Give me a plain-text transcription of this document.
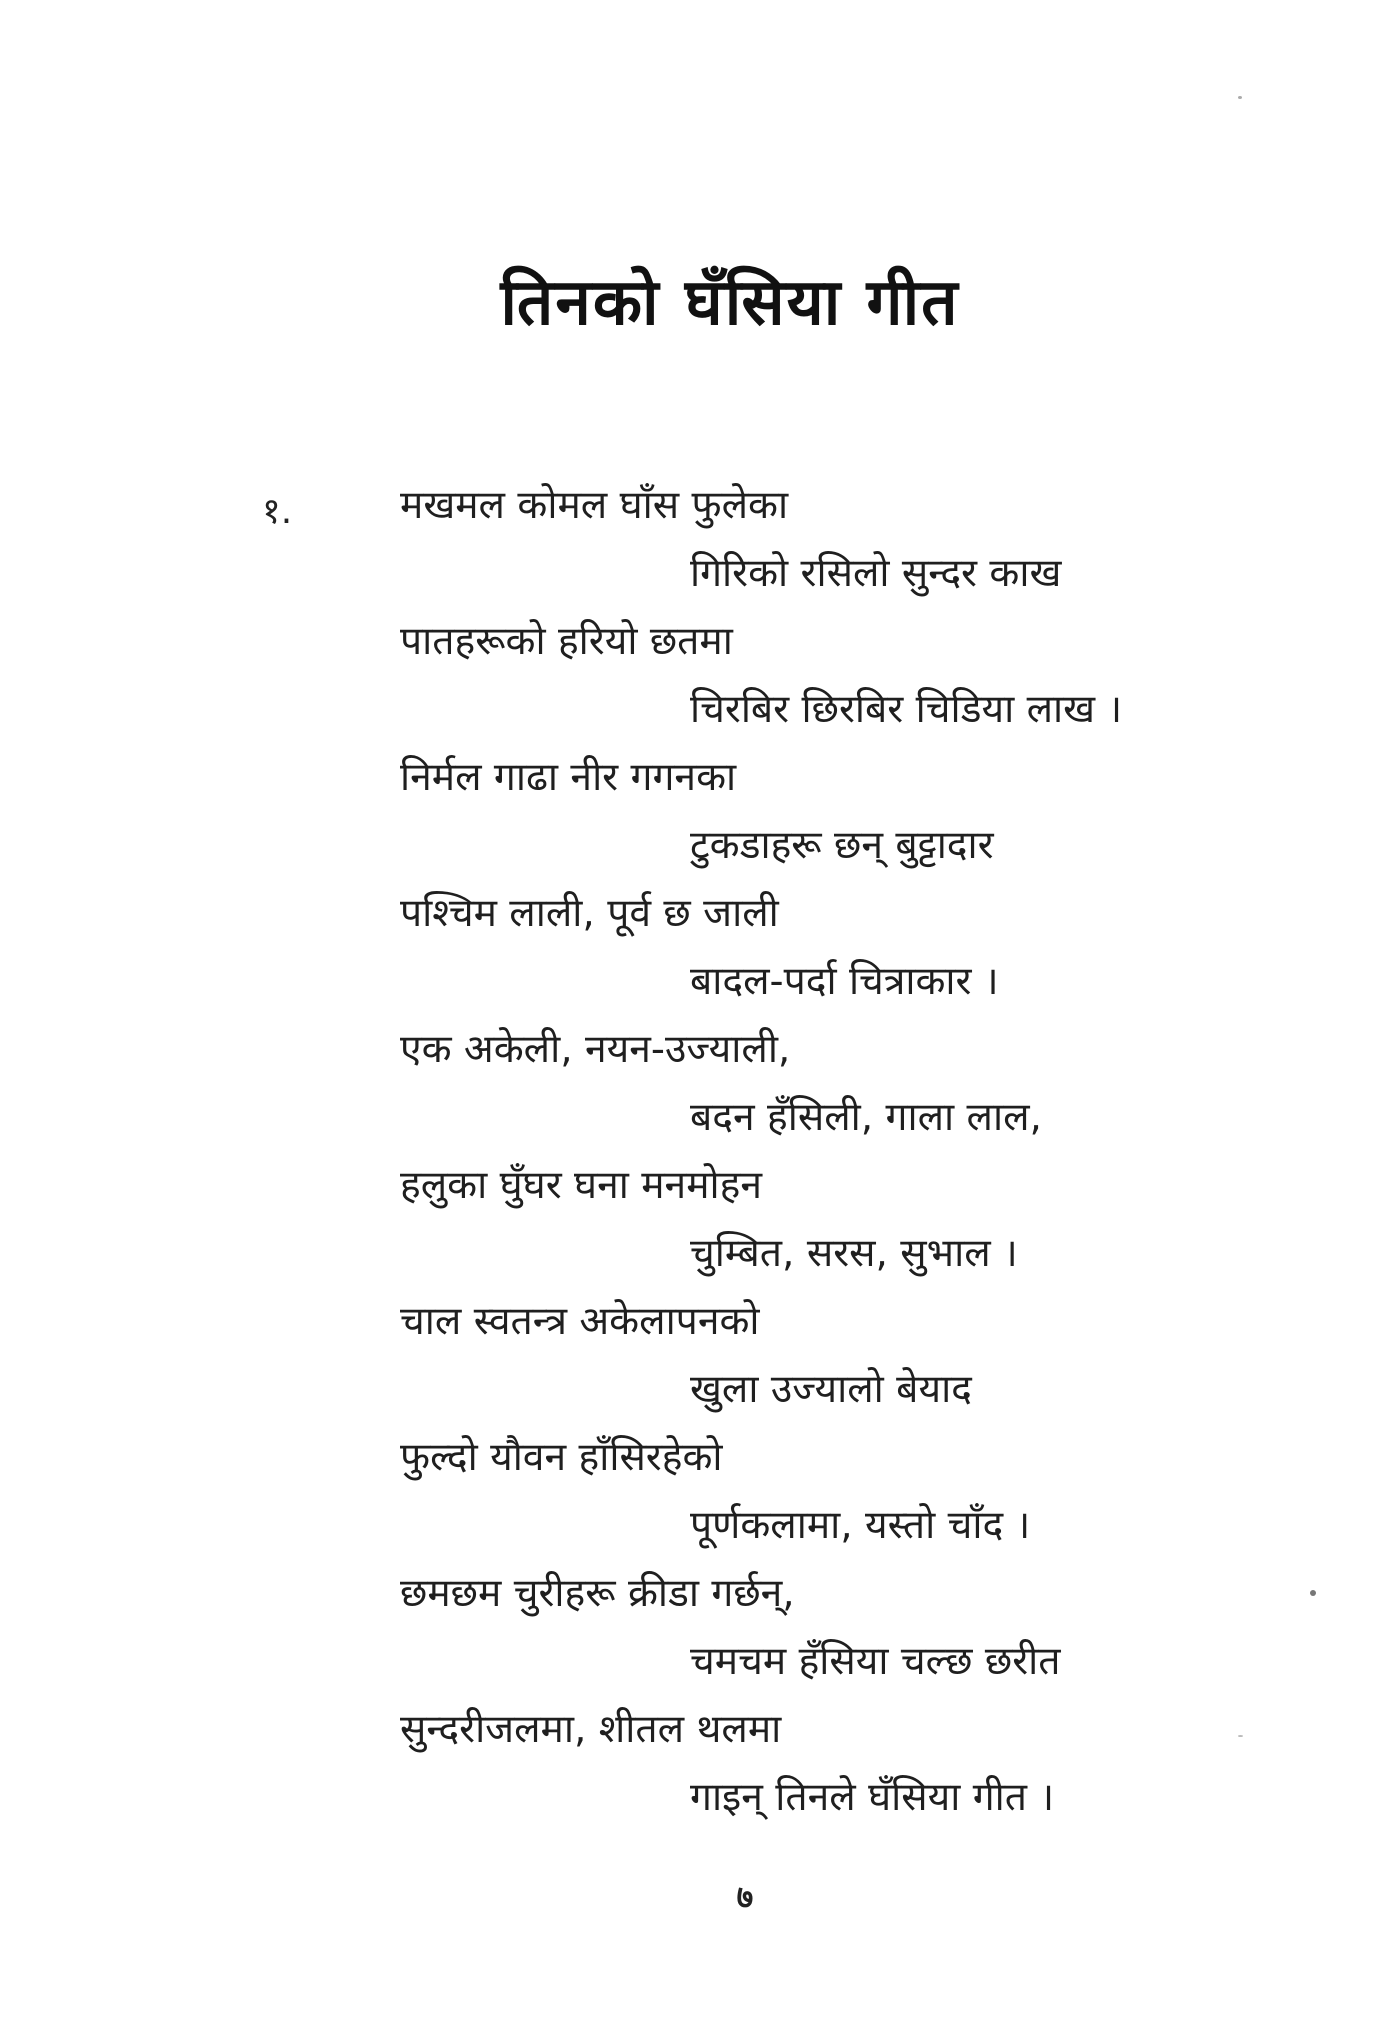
तिनको घँसिया गीत
१.	मखमल कोमल घाँस फुलेका
गिरिको रसिलो सुन्दर काख
पातहरूको हरियो छतमा
चिरबिर छिरबिर चिडिया लाख ।
निर्मल गाढा नीर गगनका
टुकडाहरू छन् बुट्टादार
पश्चिम लाली, पूर्व छ जाली
बादल-पर्दा चित्राकार ।
एक अकेली, नयन-उज्याली,
बदन हँसिली, गाला लाल,
हलुका घुँघर घना मनमोहन
चुम्बित, सरस, सुभाल ।
चाल स्वतन्त्र अकेलापनको
खुला उज्यालो बेयाद
फुल्दो यौवन हाँसिरहेको
पूर्णकलामा, यस्तो चाँद ।
छमछम चुरीहरू क्रीडा गर्छन्,
चमचम हँसिया चल्छ छरीत
सुन्दरीजलमा, शीतल थलमा
गाइन् तिनले घँसिया गीत ।
७
